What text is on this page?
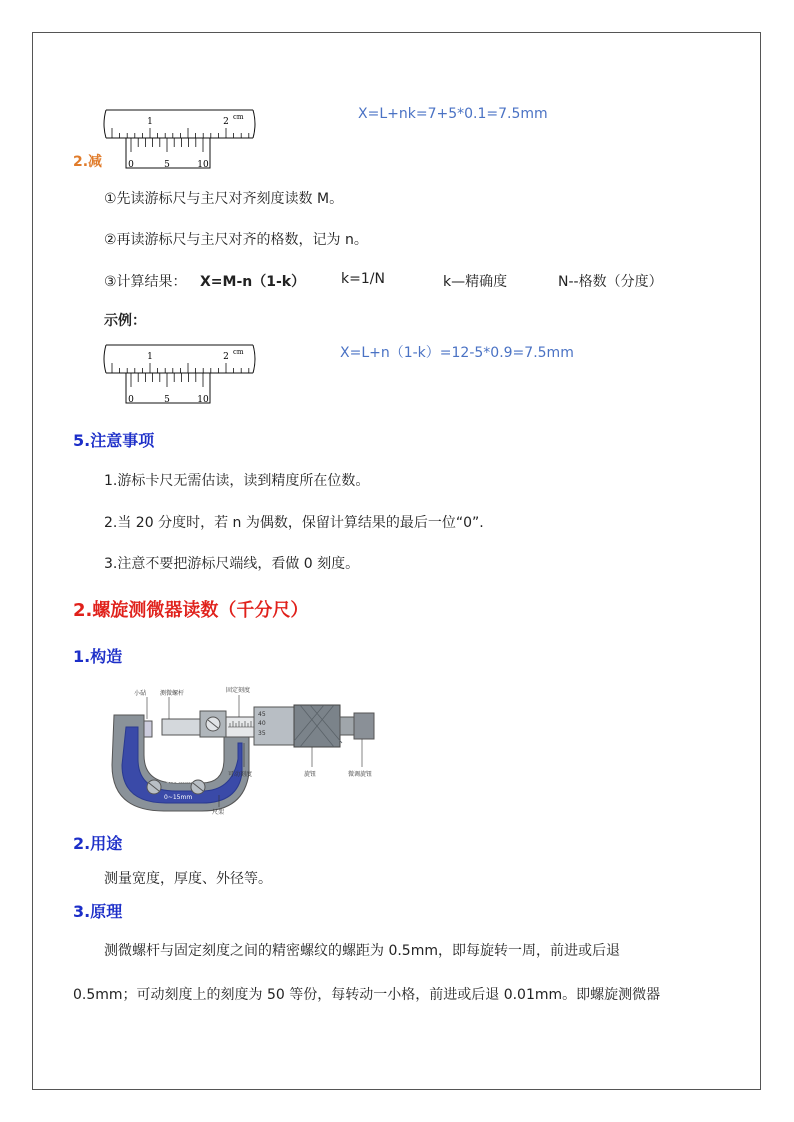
1	2 cm
0	5	10
X=L+nk=7+5*0.1=7.5mm
2.减
①先读游标尺与主尺对齐刻度读数 M。
②再读游标尺与主尺对齐的格数，记为 n。
③计算结果： X=M-n（1-k）	k=1/N	k—精确度	N--格数（分度）
示例：
1	2 cm
0	5	10
X=L+n（1-k）=12-5*0.9=7.5mm
5.注意事项
1.游标卡尺无需估读，读到精度所在位数。
2.当 20 分度时，若 n 为偶数，保留计算结果的最后一位“0”.
3.注意不要把游标尺端线，看做 0 刻度。
2.螺旋测微器读数（千分尺）
1.构造
0.01mm
0~15mm
45
40
35
小砧 测微螺杆	固定刻度
可动刻度	旋钮	微调旋钮
尺架
2.用途
测量宽度，厚度、外径等。
3.原理
测微螺杆与固定刻度之间的精密螺纹的螺距为 0.5mm，即每旋转一周，前进或后退
0.5mm；可动刻度上的刻度为 50 等份，每转动一小格，前进或后退 0.01mm。即螺旋测微器
